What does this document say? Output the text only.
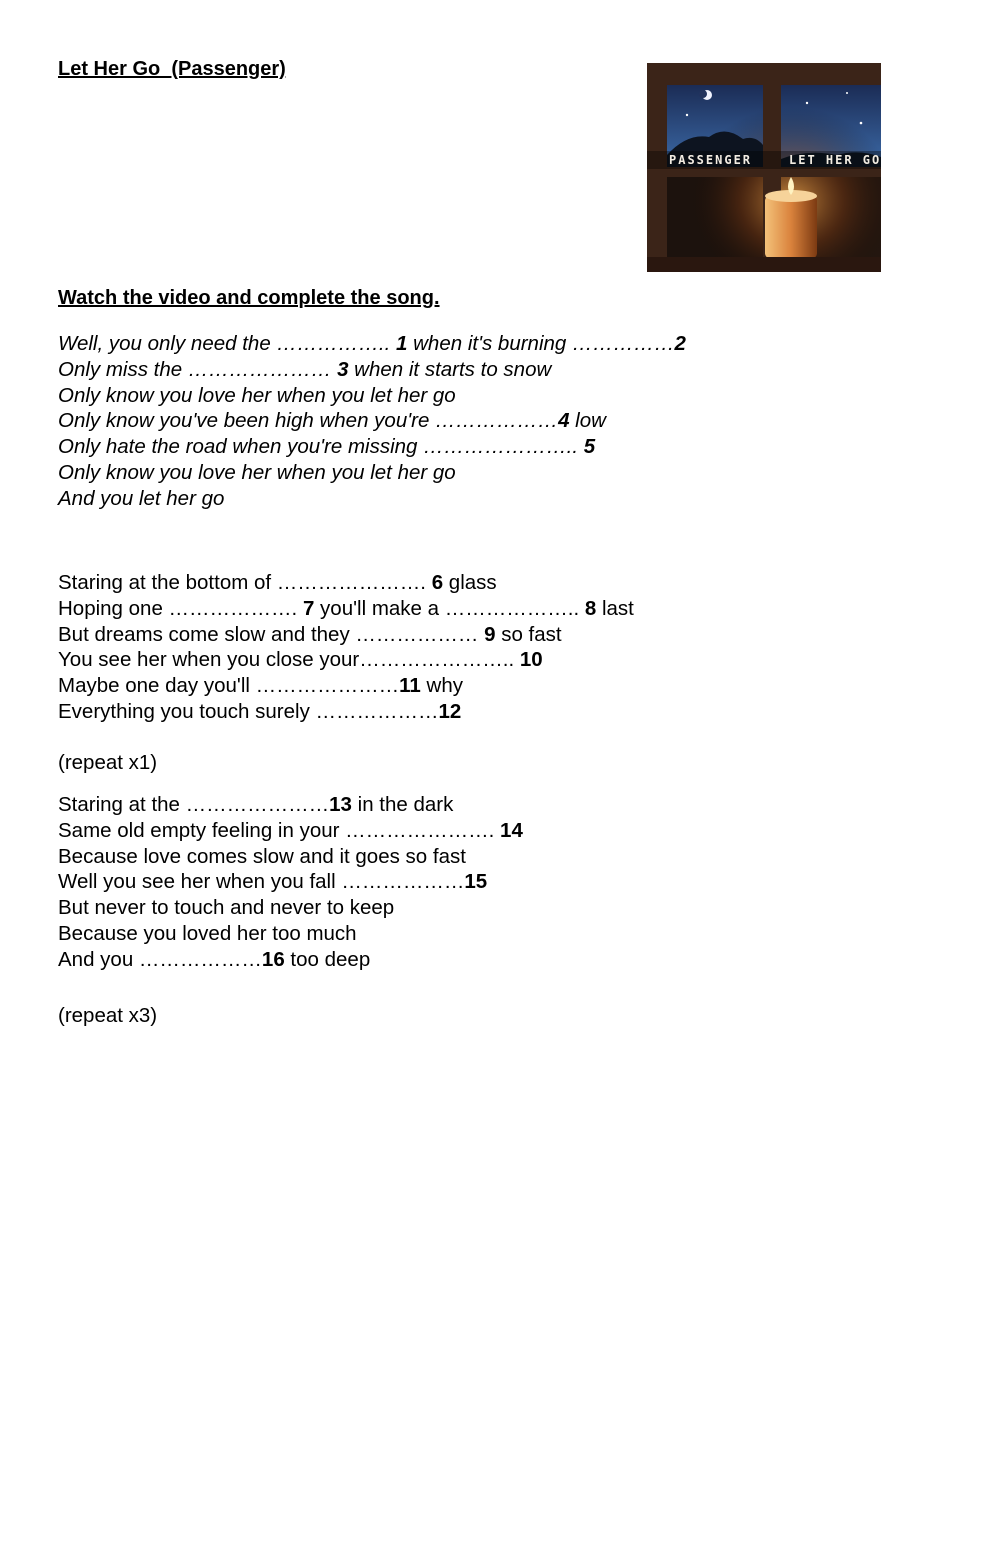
Let Her Go  (Passenger)
PASSENGER	LET HER GO
Watch the video and complete the song.
Well, you only need the …………….. 1 when it's burning ……………2
Only miss the ………………… 3 when it starts to snow
Only know you love her when you let her go
Only know you've been high when you're ………………4 low
Only hate the road when you're missing ………………….. 5
Only know you love her when you let her go
And you let her go
Staring at the bottom of …………………. 6 glass
Hoping one ………………. 7 you'll make a ……………….. 8 last
But dreams come slow and they ……………… 9 so fast
You see her when you close your………………….. 10
Maybe one day you'll …………………11 why
Everything you touch surely ………………12
(repeat x1)
Staring at the …………………13 in the dark
Same old empty feeling in your …………………. 14
Because love comes slow and it goes so fast
Well you see her when you fall ………………15
But never to touch and never to keep
Because you loved her too much
And you ………………16 too deep
(repeat x3)
